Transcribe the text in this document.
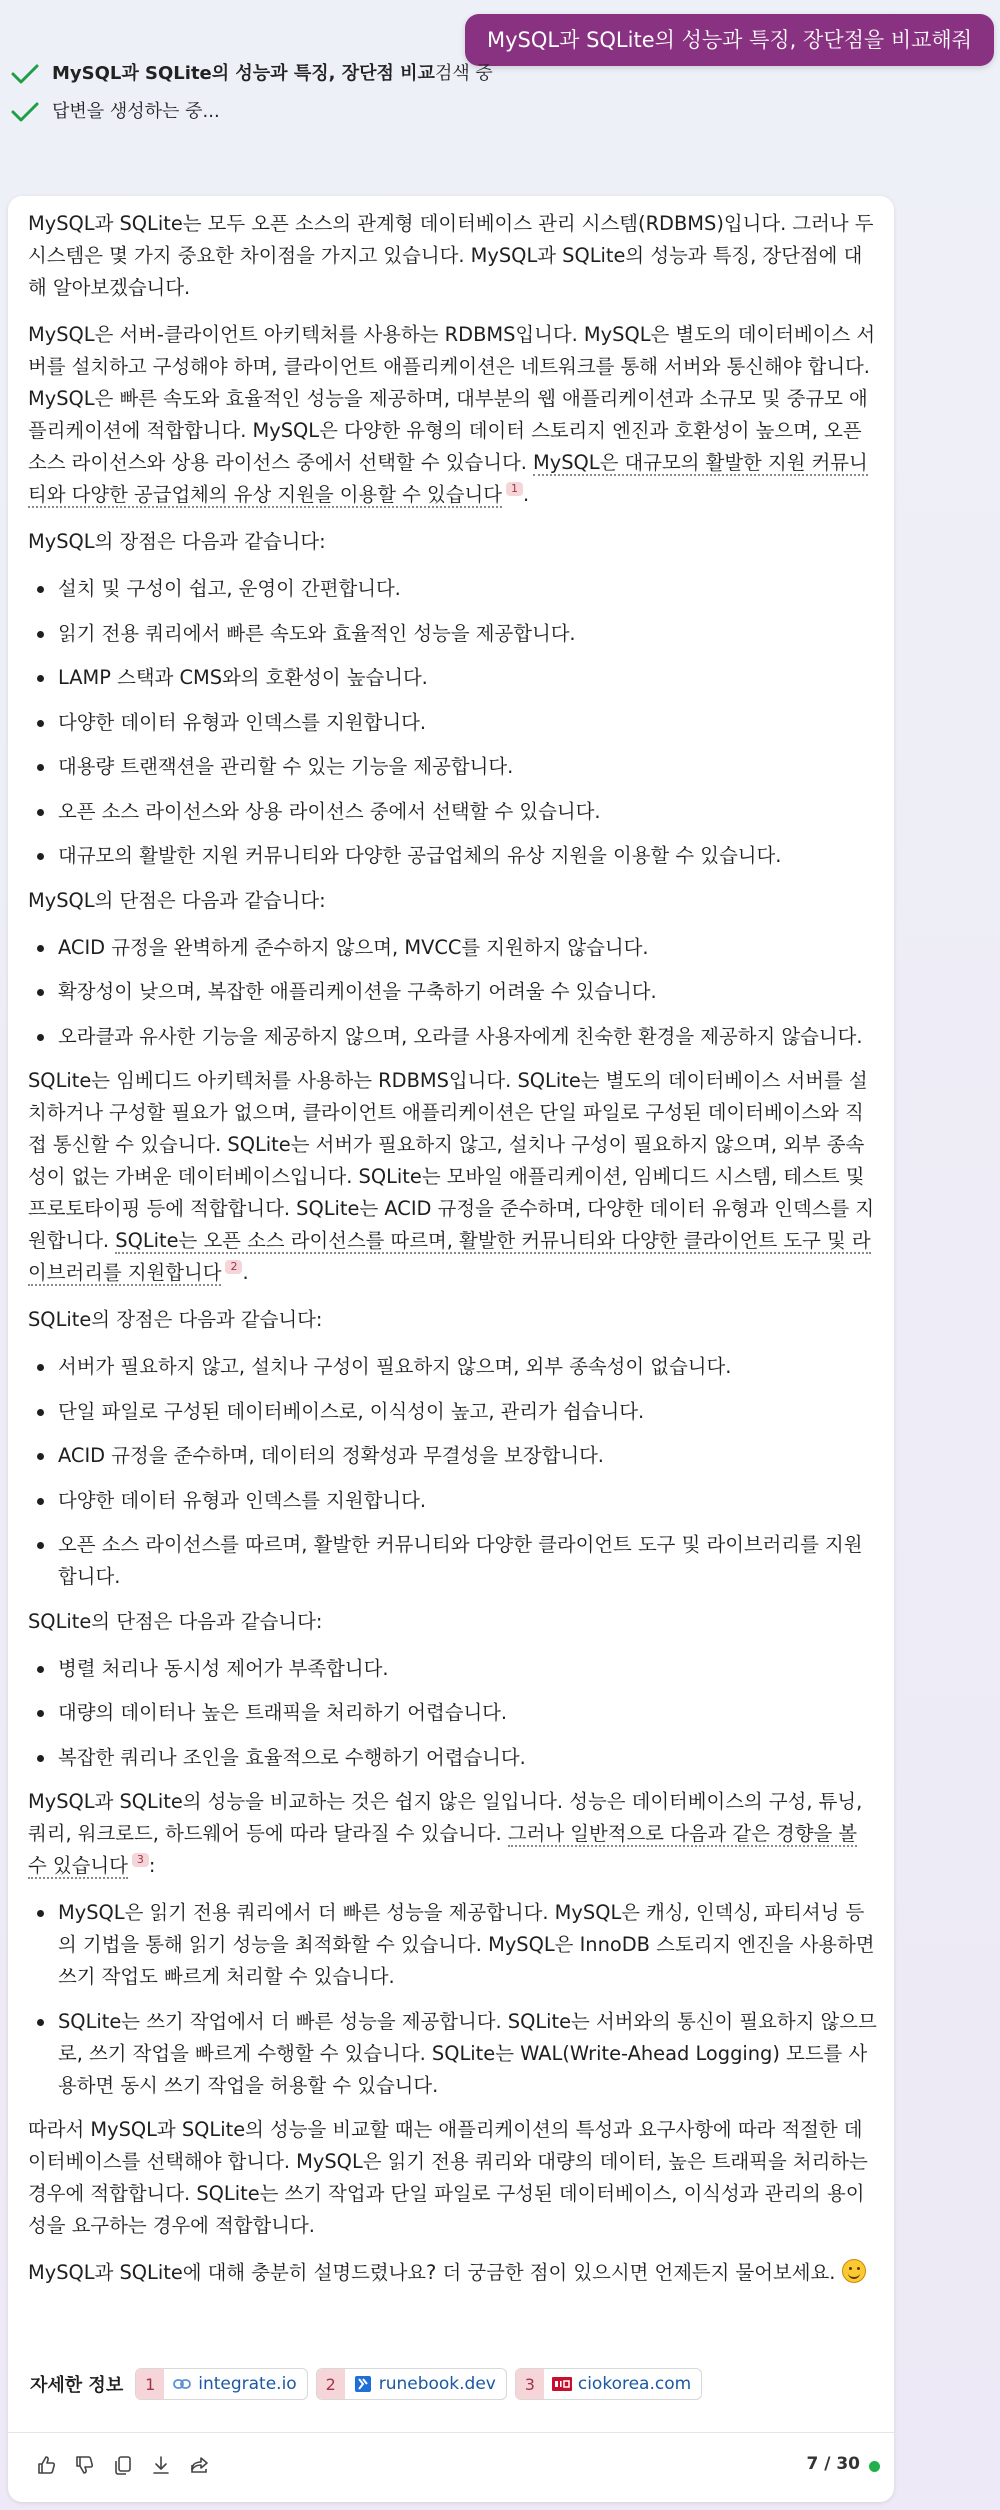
MySQL과 SQLite의 성능과 특징, 장단점을 비교해줘
MySQL과 SQLite의 성능과 특징, 장단점 비교 검색 중
답변을 생성하는 중...

MySQL과 SQLite는 모두 오픈 소스의 관계형 데이터베이스 관리 시스템(RDBMS)입니다. 그러나 두 시스템은 몇 가지 중요한 차이점을 가지고 있습니다. MySQL과 SQLite의 성능과 특징, 장단점에 대해 알아보겠습니다.

MySQL은 서버-클라이언트 아키텍처를 사용하는 RDBMS입니다. MySQL은 별도의 데이터베이스 서버를 설치하고 구성해야 하며, 클라이언트 애플리케이션은 네트워크를 통해 서버와 통신해야 합니다. MySQL은 빠른 속도와 효율적인 성능을 제공하며, 대부분의 웹 애플리케이션과 소규모 및 중규모 애플리케이션에 적합합니다. MySQL은 다양한 유형의 데이터 스토리지 엔진과 호환성이 높으며, 오픈 소스 라이선스와 상용 라이선스 중에서 선택할 수 있습니다. MySQL은 대규모의 활발한 지원 커뮤니티와 다양한 공급업체의 유상 지원을 이용할 수 있습니다 1 .

MySQL의 장점은 다음과 같습니다:

설치 및 구성이 쉽고, 운영이 간편합니다.
읽기 전용 쿼리에서 빠른 속도와 효율적인 성능을 제공합니다.
LAMP 스택과 CMS와의 호환성이 높습니다.
다양한 데이터 유형과 인덱스를 지원합니다.
대용량 트랜잭션을 관리할 수 있는 기능을 제공합니다.
오픈 소스 라이선스와 상용 라이선스 중에서 선택할 수 있습니다.
대규모의 활발한 지원 커뮤니티와 다양한 공급업체의 유상 지원을 이용할 수 있습니다.

MySQL의 단점은 다음과 같습니다:

ACID 규정을 완벽하게 준수하지 않으며, MVCC를 지원하지 않습니다.
확장성이 낮으며, 복잡한 애플리케이션을 구축하기 어려울 수 있습니다.
오라클과 유사한 기능을 제공하지 않으며, 오라클 사용자에게 친숙한 환경을 제공하지 않습니다.

SQLite는 임베디드 아키텍처를 사용하는 RDBMS입니다. SQLite는 별도의 데이터베이스 서버를 설치하거나 구성할 필요가 없으며, 클라이언트 애플리케이션은 단일 파일로 구성된 데이터베이스와 직접 통신할 수 있습니다. SQLite는 서버가 필요하지 않고, 설치나 구성이 필요하지 않으며, 외부 종속성이 없는 가벼운 데이터베이스입니다. SQLite는 모바일 애플리케이션, 임베디드 시스템, 테스트 및 프로토타이핑 등에 적합합니다. SQLite는 ACID 규정을 준수하며, 다양한 데이터 유형과 인덱스를 지원합니다. SQLite는 오픈 소스 라이선스를 따르며, 활발한 커뮤니티와 다양한 클라이언트 도구 및 라이브러리를 지원합니다 2 .

SQLite의 장점은 다음과 같습니다:

서버가 필요하지 않고, 설치나 구성이 필요하지 않으며, 외부 종속성이 없습니다.
단일 파일로 구성된 데이터베이스로, 이식성이 높고, 관리가 쉽습니다.
ACID 규정을 준수하며, 데이터의 정확성과 무결성을 보장합니다.
다양한 데이터 유형과 인덱스를 지원합니다.
오픈 소스 라이선스를 따르며, 활발한 커뮤니티와 다양한 클라이언트 도구 및 라이브러리를 지원합니다.

SQLite의 단점은 다음과 같습니다:

병렬 처리나 동시성 제어가 부족합니다.
대량의 데이터나 높은 트래픽을 처리하기 어렵습니다.
복잡한 쿼리나 조인을 효율적으로 수행하기 어렵습니다.

MySQL과 SQLite의 성능을 비교하는 것은 쉽지 않은 일입니다. 성능은 데이터베이스의 구성, 튜닝, 쿼리, 워크로드, 하드웨어 등에 따라 달라질 수 있습니다. 그러나 일반적으로 다음과 같은 경향을 볼 수 있습니다 3 :

MySQL은 읽기 전용 쿼리에서 더 빠른 성능을 제공합니다. MySQL은 캐싱, 인덱싱, 파티셔닝 등의 기법을 통해 읽기 성능을 최적화할 수 있습니다. MySQL은 InnoDB 스토리지 엔진을 사용하면 쓰기 작업도 빠르게 처리할 수 있습니다.
SQLite는 쓰기 작업에서 더 빠른 성능을 제공합니다. SQLite는 서버와의 통신이 필요하지 않으므로, 쓰기 작업을 빠르게 수행할 수 있습니다. SQLite는 WAL(Write-Ahead Logging) 모드를 사용하면 동시 쓰기 작업을 허용할 수 있습니다.

따라서 MySQL과 SQLite의 성능을 비교할 때는 애플리케이션의 특성과 요구사항에 따라 적절한 데이터베이스를 선택해야 합니다. MySQL은 읽기 전용 쿼리와 대량의 데이터, 높은 트래픽을 처리하는 경우에 적합합니다. SQLite는 쓰기 작업과 단일 파일로 구성된 데이터베이스, 이식성과 관리의 용이성을 요구하는 경우에 적합합니다.

MySQL과 SQLite에 대해 충분히 설명드렸나요? 더 궁금한 점이 있으시면 언제든지 물어보세요.

자세한 정보	1	integrate.io	2	runebook.dev	3	ciokorea.com
7 / 30
